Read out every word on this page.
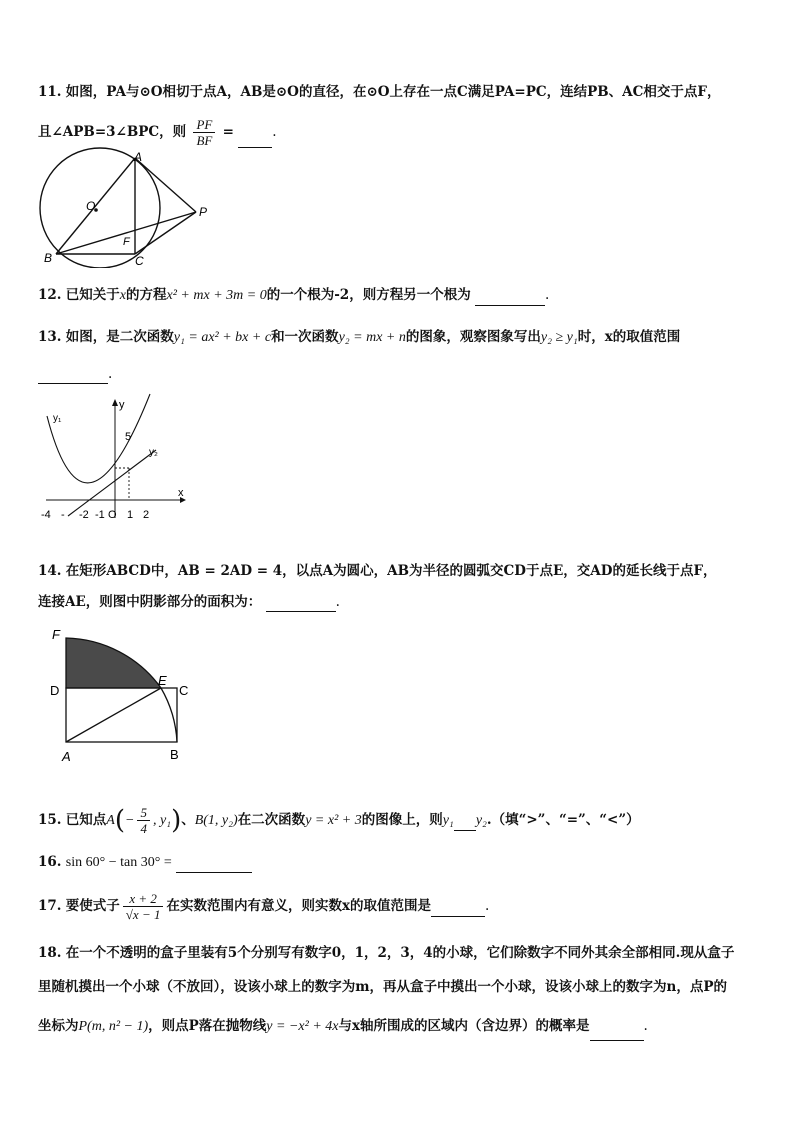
11. 如图，PA与⊙O相切于点A，AB是⊙O的直径，在⊙O上存在一点C满足PA=PC，连结PB、AC相交于点F，
且∠APB=3∠BPC，则 $\frac{PF}{BF}$ =	.
A
B	C
O	P
F
12. 已知关于x的方程x² + mx + 3m = 0的一个根为-2，则方程另一个根为	.
13. 如图，是二次函数y₁ = ax² + bx + c和一次函数y₂ = mx + n的图象，观察图象写出y₂ ≥ y₁时，x的取值范围
.
y₁
y₂
y
x
5
-4 - -2 -1 O 1 2
14. 在矩形ABCD中，AB = 2AD = 4，以点A为圆心，AB为半径的圆弧交CD于点E，交AD的延长线于点F，
连接AE，则图中阴影部分的面积为：	.
F
D
E
C
A	B
15. 已知点$A(- \frac{5}{4}$ , y₁)、B(1, y₂)在二次函数y = x² + 3的图像上，则y₁ y₂.（填“>”、“=”、“<”）
16. sin 60° − tan 30° =
17. 要使式子 $\frac{x + 2}{√x - 1}$ 在实数范围内有意义，则实数x的取值范围是	.
18. 在一个不透明的盒子里装有5个分别写有数字0，1，2，3，4的小球，它们除数字不同外其余全部相同.现从盒子
里随机摸出一个小球（不放回），设该小球上的数字为m，再从盒子中摸出一个小球，设该小球上的数字为n，点P的
坐标为P(m, n² − 1)，则点P落在抛物线y = −x² + 4x与x轴所围成的区域内（含边界）的概率是	.
